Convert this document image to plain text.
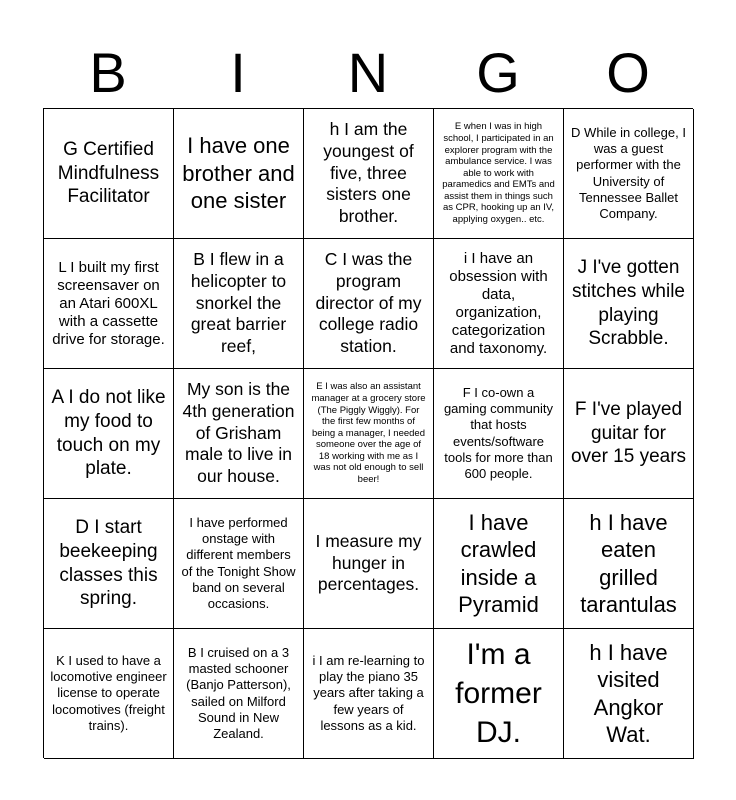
B	I	N	G	O
G Certified Mindfulness Facilitator
I have one brother and one sister
h I am the youngest of five, three sisters one brother.
E when I was in high school, I participated in an explorer program with the ambulance service. I was able to work with paramedics and EMTs and assist them in things such as CPR, hooking up an IV, applying oxygen.. etc.
D While in college, I was a guest performer with the University of Tennessee Ballet Company.
L I built my first screensaver on an Atari 600XL with a cassette drive for storage.
B I flew in a helicopter to snorkel the great barrier reef,
C I was the program director of my college radio station.
i I have an obsession with data, organization, categorization and taxonomy.
J I've gotten stitches while playing Scrabble.
A I do not like my food to touch on my plate.
My son is the 4th generation of Grisham male to live in our house.
E I was also an assistant manager at a grocery store (The Piggly Wiggly). For the first few months of being a manager, I needed someone over the age of 18 working with me as I was not old enough to sell beer!
F I co-own a gaming community that hosts events/software tools for more than 600 people.
F I've played guitar for over 15 years
D I start beekeeping classes this spring.
I have performed onstage with different members of the Tonight Show band on several occasions.
I measure my hunger in percentages.
I have crawled inside a Pyramid
h I have eaten grilled tarantulas
K I used to have a locomotive engineer license to operate locomotives (freight trains).
B I cruised on a 3 masted schooner (Banjo Patterson), sailed on Milford Sound in New Zealand.
i I am re-learning to play the piano 35 years after taking a few years of lessons as a kid.
I'm a former DJ.
h I have visited Angkor Wat.
